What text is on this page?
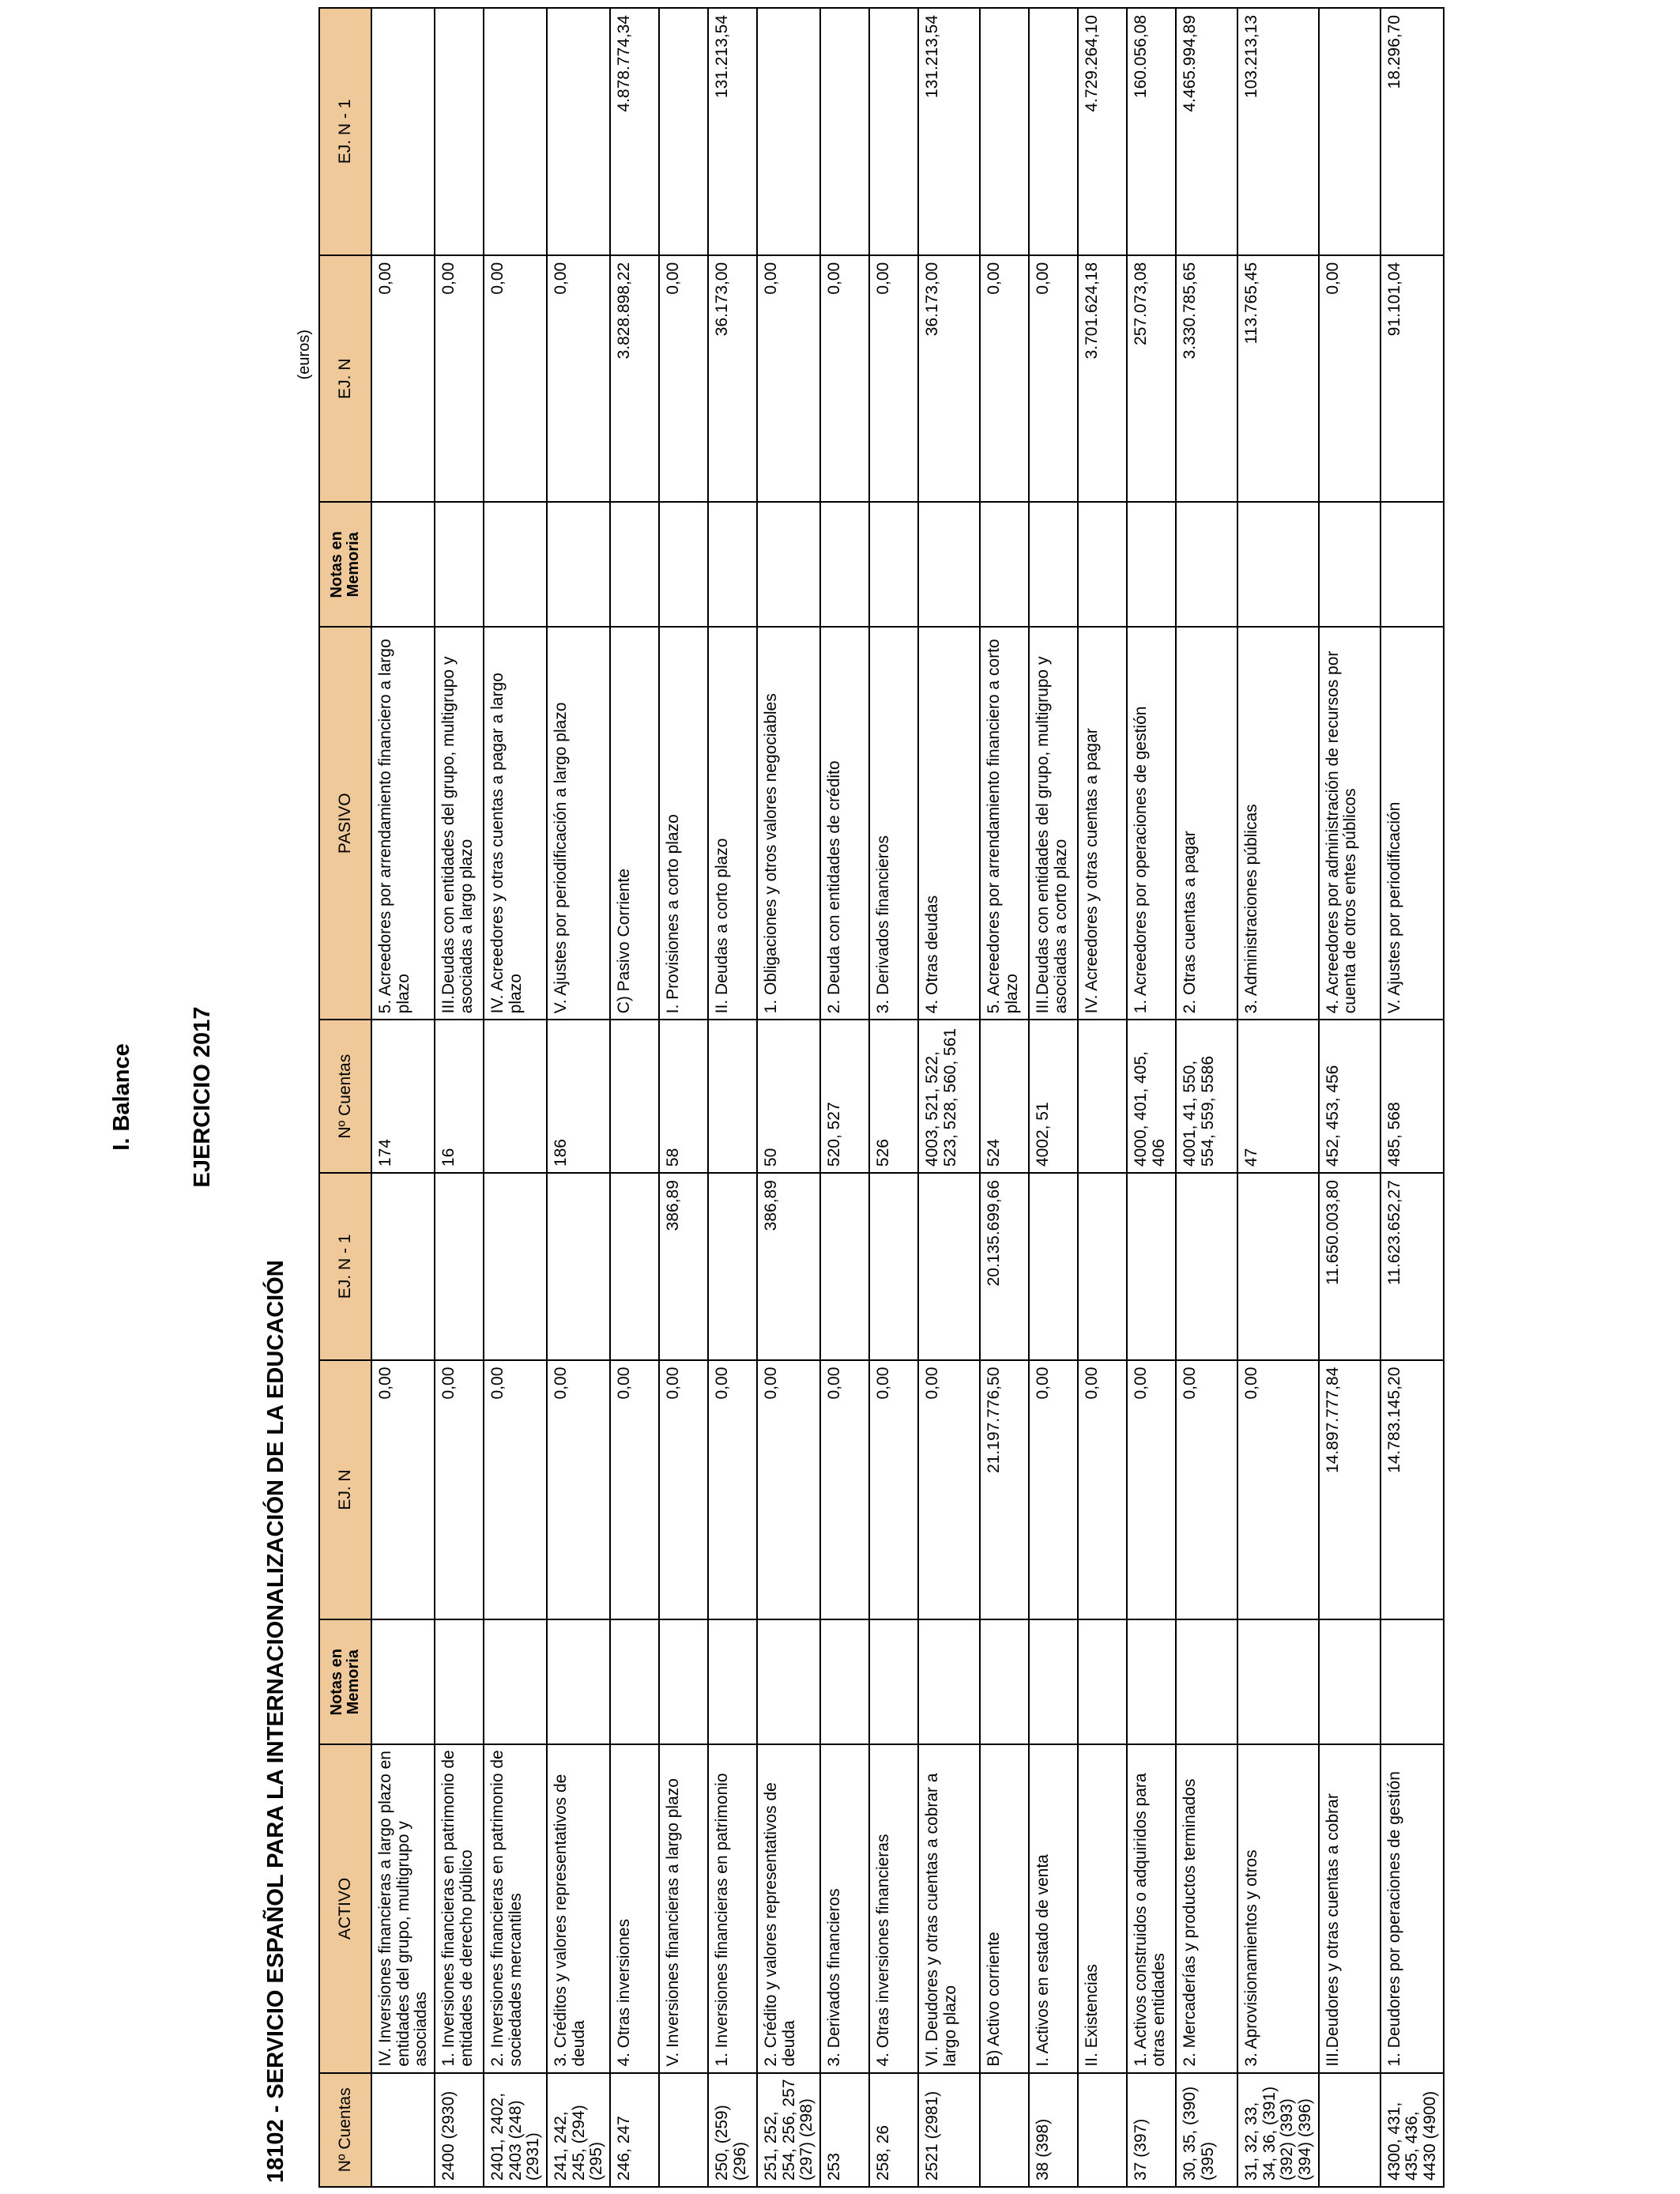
I. Balance EJERCICIO 2017
18102 - SERVICIO ESPAÑOL PARA LA INTERNACIONALIZACIÓN DE LA EDUCACIÓN
(euros)
Nº Cuentas	ACTIVO	Notas en Memoria	EJ. N	EJ. N - 1	Nº Cuentas	PASIVO	Notas en Memoria	EJ. N	EJ. N - 1
	IV. Inversiones financieras a largo plazo en entidades del grupo, multigrupo y asociadas		0,00		174	5. Acreedores por arrendamiento financiero a largo plazo		0,00	
2400 (2930)	1. Inversiones financieras en patrimonio de entidades de derecho público		0,00		16	III.Deudas con entidades del grupo, multigrupo y asociadas a largo plazo		0,00	
2401, 2402, 2403 (248) (2931)	2. Inversiones financieras en patrimonio de sociedades mercantiles		0,00			IV. Acreedores y otras cuentas a pagar a largo plazo		0,00	
241, 242, 245, (294) (295)	3. Créditos y valores representativos de deuda		0,00		186	V. Ajustes por periodificación a largo plazo		0,00	
246, 247	4. Otras inversiones		0,00			C) Pasivo Corriente		3.828.898,22	4.878.774,34
	V. Inversiones financieras a largo plazo		0,00	386,89	58	I. Provisiones a corto plazo		0,00	
250, (259) (296)	1. Inversiones financieras en patrimonio		0,00			II. Deudas a corto plazo		36.173,00	131.213,54
251, 252, 254, 256, 257 (297) (298)	2. Crédito y valores representativos de deuda		0,00	386,89	50	1. Obligaciones y otros valores negociables		0,00	
253	3. Derivados financieros		0,00		520, 527	2. Deuda con entidades de crédito		0,00	
258, 26	4. Otras inversiones financieras		0,00		526	3. Derivados financieros		0,00	
2521 (2981)	VI. Deudores y otras cuentas a cobrar a largo plazo		0,00		4003, 521, 522, 523, 528, 560, 561	4. Otras deudas		36.173,00	131.213,54
	B) Activo corriente		21.197.776,50	20.135.699,66	524	5. Acreedores por arrendamiento financiero a corto plazo		0,00	
38 (398)	I. Activos en estado de venta		0,00		4002, 51	III.Deudas con entidades del grupo, multigrupo y asociadas a corto plazo		0,00	
	II. Existencias		0,00			IV. Acreedores y otras cuentas a pagar		3.701.624,18	4.729.264,10
37 (397)	1. Activos construidos o adquiridos para otras entidades		0,00		4000, 401, 405, 406	1. Acreedores por operaciones de gestión		257.073,08	160.056,08
30, 35, (390) (395)	2. Mercaderías y productos terminados		0,00		4001, 41, 550, 554, 559, 5586	2. Otras cuentas a pagar		3.330.785,65	4.465.994,89
31, 32, 33, 34, 36, (391) (392) (393) (394) (396)	3. Aprovisionamientos y otros		0,00		47	3. Administraciones públicas		113.765,45	103.213,13
	III.Deudores y otras cuentas a cobrar		14.897.777,84	11.650.003,80	452, 453, 456	4. Acreedores por administración de recursos por cuenta de otros entes públicos		0,00	
4300, 431, 435, 436, 4430 (4900)	1. Deudores por operaciones de gestión		14.783.145,20	11.623.652,27	485, 568	V. Ajustes por periodificación		91.101,04	18.296,70
